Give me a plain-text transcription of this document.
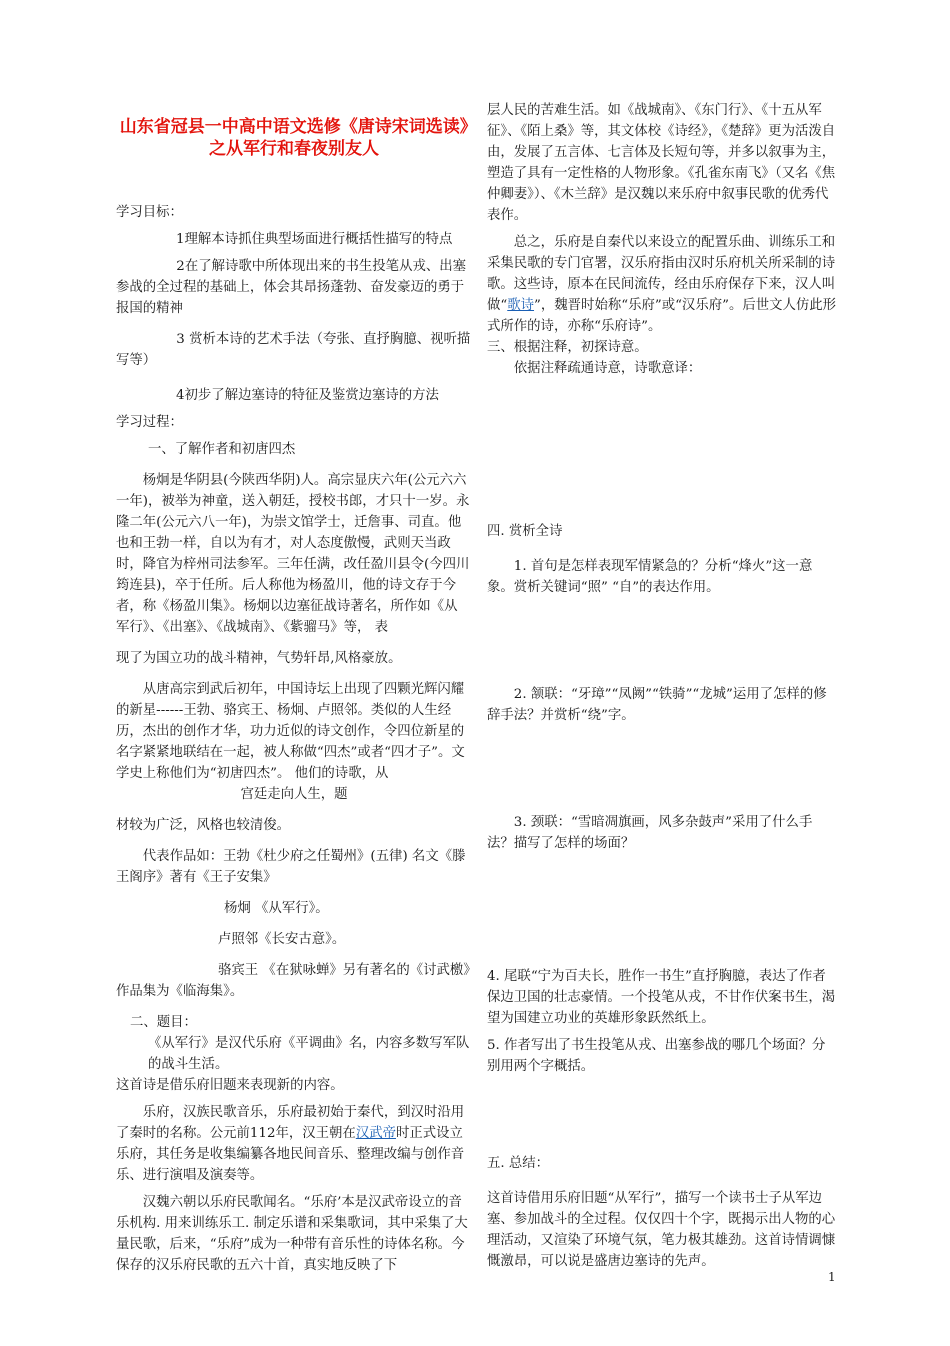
山东省冠县一中高中语文选修《唐诗宋词选读》之从军行和春夜别友人

学习目标：

1理解本诗抓住典型场面进行概括性描写的特点

2在了解诗歌中所体现出来的书生投笔从戎、出塞参战的全过程的基础上，体会其昂扬蓬勃、奋发豪迈的勇于报国的精神

3 赏析本诗的艺术手法（夸张、直抒胸臆、视听描写等）

4初步了解边塞诗的特征及鉴赏边塞诗的方法

学习过程：

一、了解作者和初唐四杰

杨炯是华阴县(今陕西华阴)人。高宗显庆六年(公元六六一年)，被举为神童，送入朝廷，授校书郎，才只十一岁。永隆二年(公元六八一年)，为崇文馆学士，迁詹事、司直。他也和王勃一样，自以为有才，对人态度傲慢，武则天当政时，降官为梓州司法参军。三年任满，改任盈川县令(今四川筠连县)，卒于任所。后人称他为杨盈川，他的诗文存于今者，称《杨盈川集》。杨炯以边塞征战诗著名，所作如《从 军行》、《出塞》、《战城南》、《紫骝马》等， 表

现了为国立功的战斗精神，气势轩昂,风格豪放。

从唐高宗到武后初年，中国诗坛上出现了四颗光辉闪耀的新星------王勃、骆宾王、杨炯、卢照邻。类似的人生经历，杰出的创作才华，功力近似的诗文创作，令四位新星的名字紧紧地联结在一起，被人称做“四杰”或者“四才子”。文学史上称他们为“初唐四杰”。 他们的诗歌，从

宫廷走向人生，题

材较为广泛，风格也较清俊。

代表作品如：王勃《杜少府之任蜀州》(五律) 名文《滕王阁序》著有《王子安集》

杨炯 《从军行》。

卢照邻《长安古意》。

骆宾王 《在狱咏蝉》另有著名的《讨武檄》作品集为《临海集》。

二、题目：

《从军行》是汉代乐府《平调曲》名，内容多数写军队的战斗生活。

这首诗是借乐府旧题来表现新的内容。

乐府，汉族民歌音乐，乐府最初始于秦代，到汉时沿用了秦时的名称。公元前112年，汉王朝在汉武帝时正式设立乐府，其任务是收集编纂各地民间音乐、整理改编与创作音乐、进行演唱及演奏等。

汉魏六朝以乐府民歌闻名。“乐府’本是汉武帝设立的音乐机构. 用来训练乐工. 制定乐谱和采集歌词，其中采集了大量民歌，后来，“乐府”成为一种带有音乐性的诗体名称。今保存的汉乐府民歌的五六十首，真实地反映了下

层人民的苦难生活。如《战城南》、《东门行》、《十五从军征》、《陌上桑》等，其文体校《诗经》，《楚辞》更为活泼自由，发展了五言体、七言体及长短句等，并多以叙事为主，塑造了具有一定性格的人物形象。《孔雀东南飞》（又名《焦仲卿妻》）、《木兰辞》是汉魏以来乐府中叙事民歌的优秀代表作。

总之，乐府是自秦代以来设立的配置乐曲、训练乐工和采集民歌的专门官署，汉乐府指由汉时乐府机关所采制的诗歌。这些诗，原本在民间流传，经由乐府保存下来，汉人叫做“歌诗”，魏晋时始称“乐府”或“汉乐府”。后世文人仿此形式所作的诗，亦称“乐府诗”。

三、根据注释，初探诗意。

依据注释疏通诗意，诗歌意译：

四. 赏析全诗

1. 首句是怎样表现军情紧急的？分析“烽火”这一意象。赏析关键词“照” “自”的表达作用。

2. 颔联：“牙璋”“凤阙”“铁骑”“龙城”运用了怎样的修辞手法？并赏析“绕”字。

3. 颈联：“雪暗凋旗画，风多杂鼓声”采用了什么手法？描写了怎样的场面？

4. 尾联“宁为百夫长，胜作一书生”直抒胸臆，表达了作者保边卫国的壮志豪情。一个投笔从戎，不甘作伏案书生，渴望为国建立功业的英雄形象跃然纸上。

5. 作者写出了书生投笔从戎、出塞参战的哪几个场面？分别用两个字概括。

五. 总结：

这首诗借用乐府旧题“从军行”，描写一个读书士子从军边塞、参加战斗的全过程。仅仅四十个字，既揭示出人物的心理活动，又渲染了环境气氛，笔力极其雄劲。这首诗情调慷慨激昂，可以说是盛唐边塞诗的先声。

1
